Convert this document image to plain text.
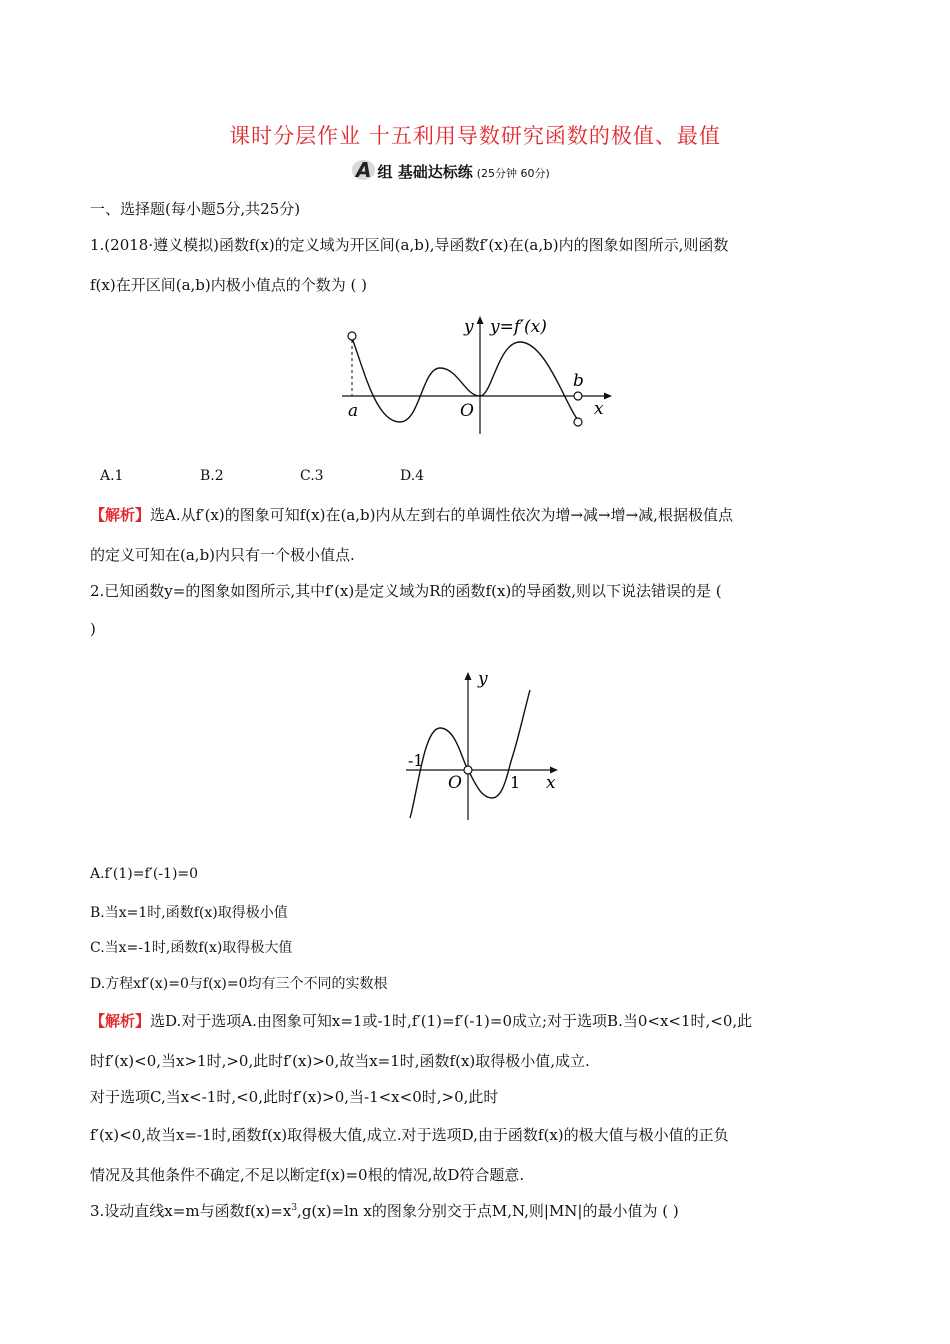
课时分层作业 十五利用导数研究函数的极值、最值
A 组 基础达标练 (25分钟 60分)
一、选择题(每小题5分,共25分)
1.(2018·遵义模拟)函数f(x)的定义域为开区间(a,b),导函数f′(x)在(a,b)内的图象如图所示,则函数
f(x)在开区间(a,b)内极小值点的个数为 ( )
y y=f′(x)
a	O
b
x
A.1	B.2	C.3	D.4
【解析】选A.从f′(x)的图象可知f(x)在(a,b)内从左到右的单调性依次为增→减→增→减,根据极值点
的定义可知在(a,b)内只有一个极小值点.
2.已知函数y=的图象如图所示,其中f′(x)是定义域为R的函数f(x)的导函数,则以下说法错误的是 (
)
y
-1
O	1 x
A.f′(1)=f′(-1)=0
B.当x=1时,函数f(x)取得极小值
C.当x=-1时,函数f(x)取得极大值
D.方程xf′(x)=0与f(x)=0均有三个不同的实数根
【解析】选D.对于选项A.由图象可知x=1或-1时,f′(1)=f′(-1)=0成立;对于选项B.当0<x<1时,<0,此
时f′(x)<0,当x>1时,>0,此时f′(x)>0,故当x=1时,函数f(x)取得极小值,成立.
对于选项C,当x<-1时,<0,此时f′(x)>0,当-1<x<0时,>0,此时
f′(x)<0,故当x=-1时,函数f(x)取得极大值,成立.对于选项D,由于函数f(x)的极大值与极小值的正负
情况及其他条件不确定,不足以断定f(x)=0根的情况,故D符合题意.
3.设动直线x=m与函数$f(x)=x^3,g(x)=\ln$ x的图象分别交于点M,N,则|MN|的最小值为 ( )
